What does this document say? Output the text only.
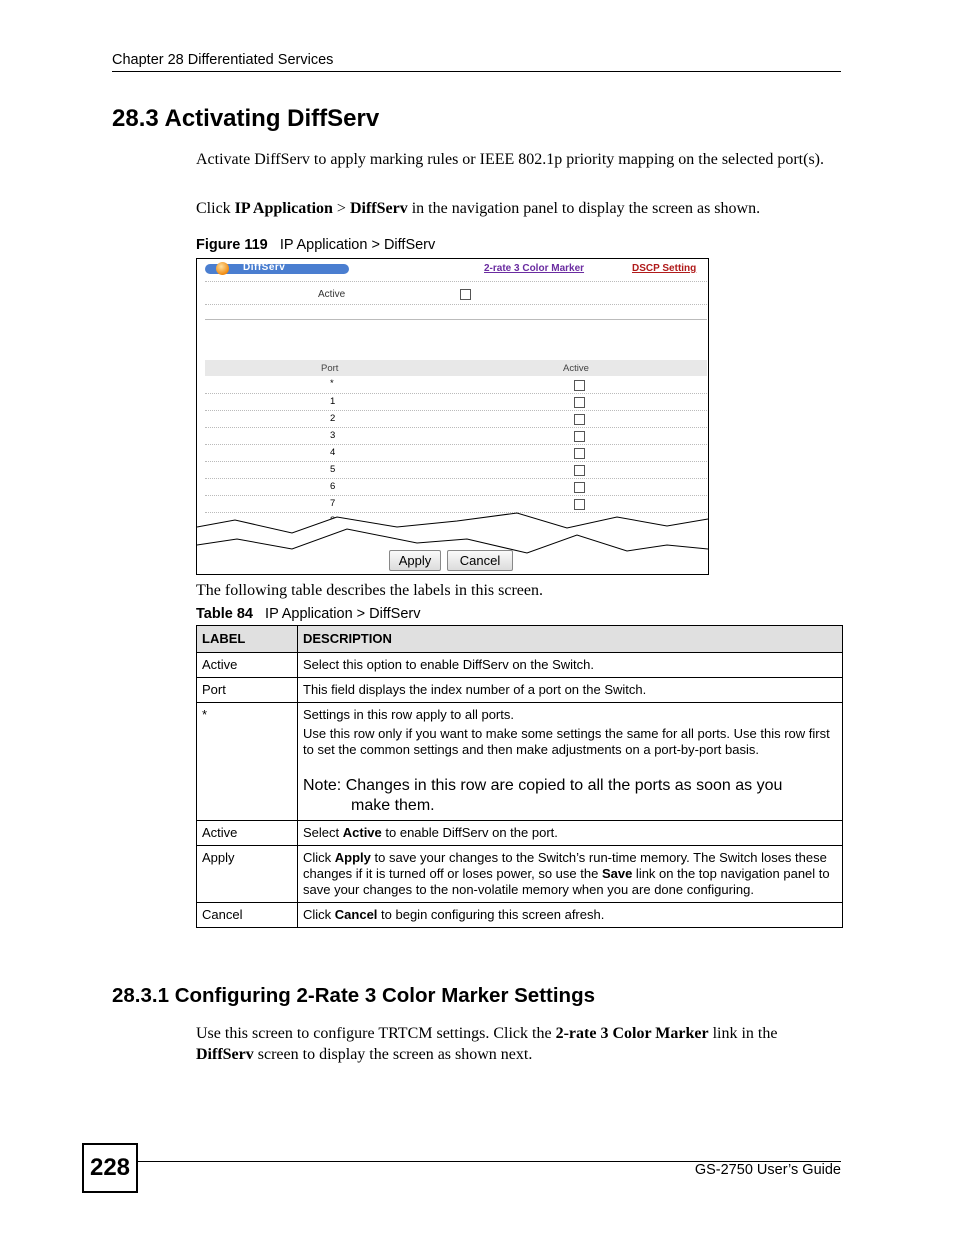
Chapter 28 Differentiated Services
28.3 Activating DiffServ
Activate DiffServ to apply marking rules or IEEE 802.1p priority mapping on the selected port(s).
Click IP Application > DiffServ in the navigation panel to display the screen as shown.
Figure 119 IP Application > DiffServ
DiffServ	2-rate 3 Color Marker	DSCP Setting
Active
Port	Active
*
1
2
3
4
5
6
7
Apply	Cancel
The following table describes the labels in this screen.
Table 84 IP Application > DiffServ
LABEL	DESCRIPTION
Active	Select this option to enable DiffServ on the Switch.
Port	This field displays the index number of a port on the Switch.
*	Settings in this row apply to all ports.

Use this row only if you want to make some settings the same for all ports. Use this row first to set the common settings and then make adjustments on a port-by-port basis.

Note: Changes in this row are copied to all the ports as soon as you
make them.

Active	Select Active to enable DiffServ on the port.
Apply	Click Apply to save your changes to the Switch’s run-time memory. The Switch loses these changes if it is turned off or loses power, so use the Save link on the top navigation panel to save your changes to the non-volatile memory when you are done configuring.
Cancel	Click Cancel to begin configuring this screen afresh.
28.3.1 Configuring 2-Rate 3 Color Marker Settings
Use this screen to configure TRTCM settings. Click the 2-rate 3 Color Marker link in the DiffServ screen to display the screen as shown next.
228	GS-2750 User’s Guide
